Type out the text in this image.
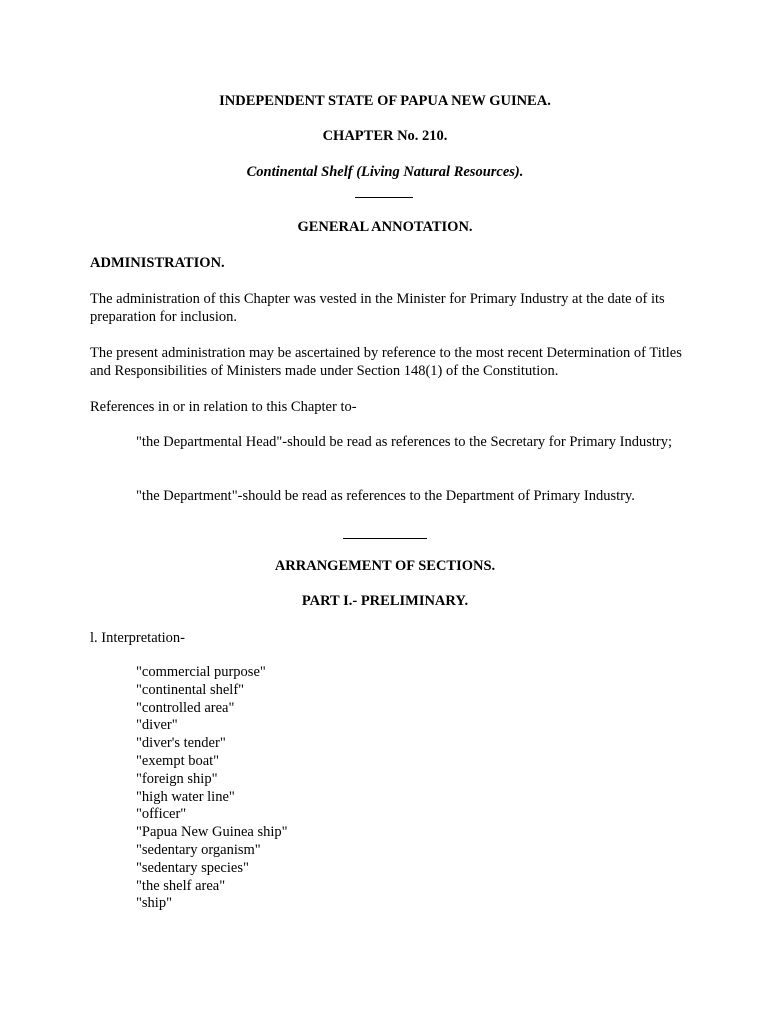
INDEPENDENT STATE OF PAPUA NEW GUINEA.
CHAPTER No. 210.
Continental Shelf (Living Natural Resources).
GENERAL ANNOTATION.
ADMINISTRATION.
The administration of this Chapter was vested in the Minister for Primary Industry at the date of its preparation for inclusion.
The present administration may be ascertained by reference to the most recent Determination of Titles and Responsibilities of Ministers made under Section 148(1) of the Constitution.
References in or in relation to this Chapter to-
"the Departmental Head"-should be read as references to the Secretary for Primary Industry;
"the Department"-should be read as references to the Department of Primary Industry.
ARRANGEMENT OF SECTIONS.
PART I.- PRELIMINARY.
l. Interpretation-
"commercial purpose"
"continental shelf"
"controlled area"
"diver"
"diver's tender"
"exempt boat"
"foreign ship"
"high water line"
"officer"
"Papua New Guinea ship"
"sedentary organism"
"sedentary species"
"the shelf area"
"ship"
